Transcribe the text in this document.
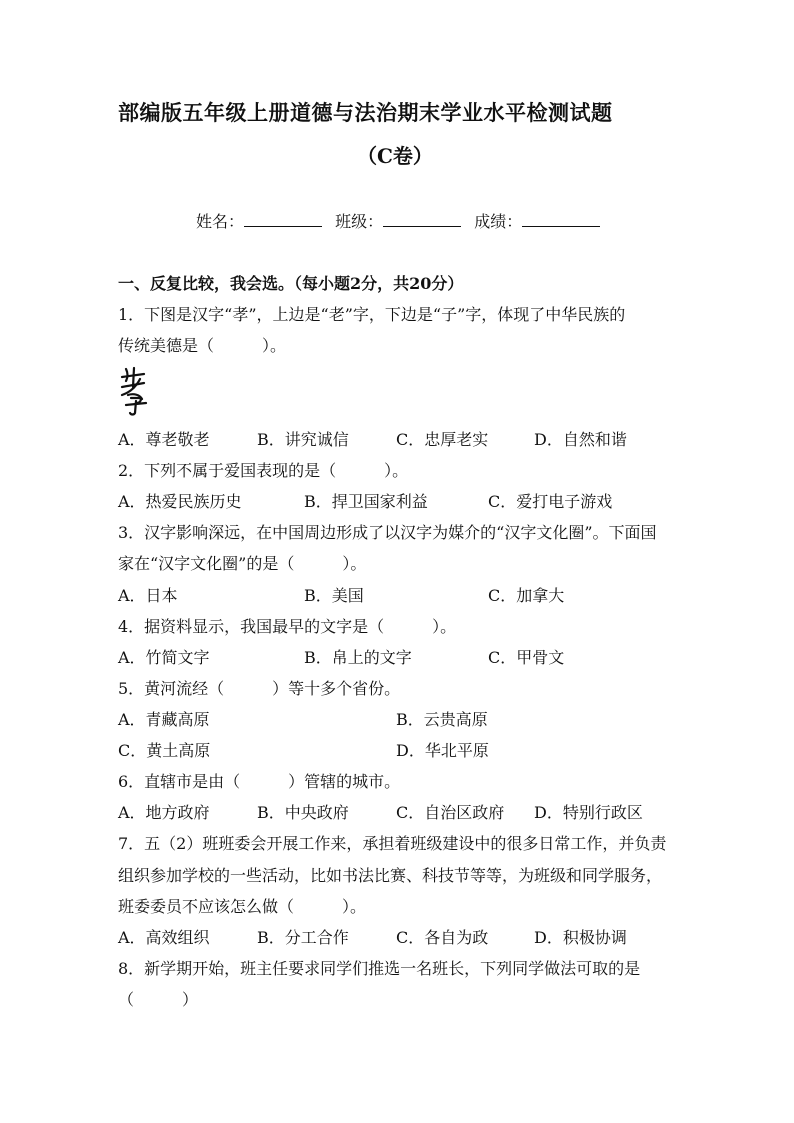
部编版五年级上册道德与法治期末学业水平检测试题
（C卷）
姓名：	班级：	成绩：
一、反复比较，我会选。（每小题2分，共20分）
1．下图是汉字“孝”，上边是“老”字，下边是“子”字，体现了中华民族的
传统美德是（　　　）。
A．尊老敬老	B．讲究诚信	C．忠厚老实	D．自然和谐
2．下列不属于爱国表现的是（　　　）。
A．热爱民族历史	B．捍卫国家利益	C．爱打电子游戏
3．汉字影响深远，在中国周边形成了以汉字为媒介的“汉字文化圈”。下面国
家在“汉字文化圈”的是（　　　）。
A．日本	B．美国	C．加拿大
4．据资料显示，我国最早的文字是（　　　）。
A．竹简文字	B．帛上的文字	C．甲骨文
5．黄河流经（　　　）等十多个省份。
A．青藏高原	B．云贵高原
C．黄土高原	D．华北平原
6．直辖市是由（　　　）管辖的城市。
A．地方政府	B．中央政府	C．自治区政府 D．特别行政区
7．五（2）班班委会开展工作来，承担着班级建设中的很多日常工作，并负责
组织参加学校的一些活动，比如书法比赛、科技节等等，为班级和同学服务，
班委委员不应该怎么做（　　　）。
A．高效组织	B．分工合作	C．各自为政	D．积极协调
8．新学期开始，班主任要求同学们推选一名班长，下列同学做法可取的是
（　　　）
